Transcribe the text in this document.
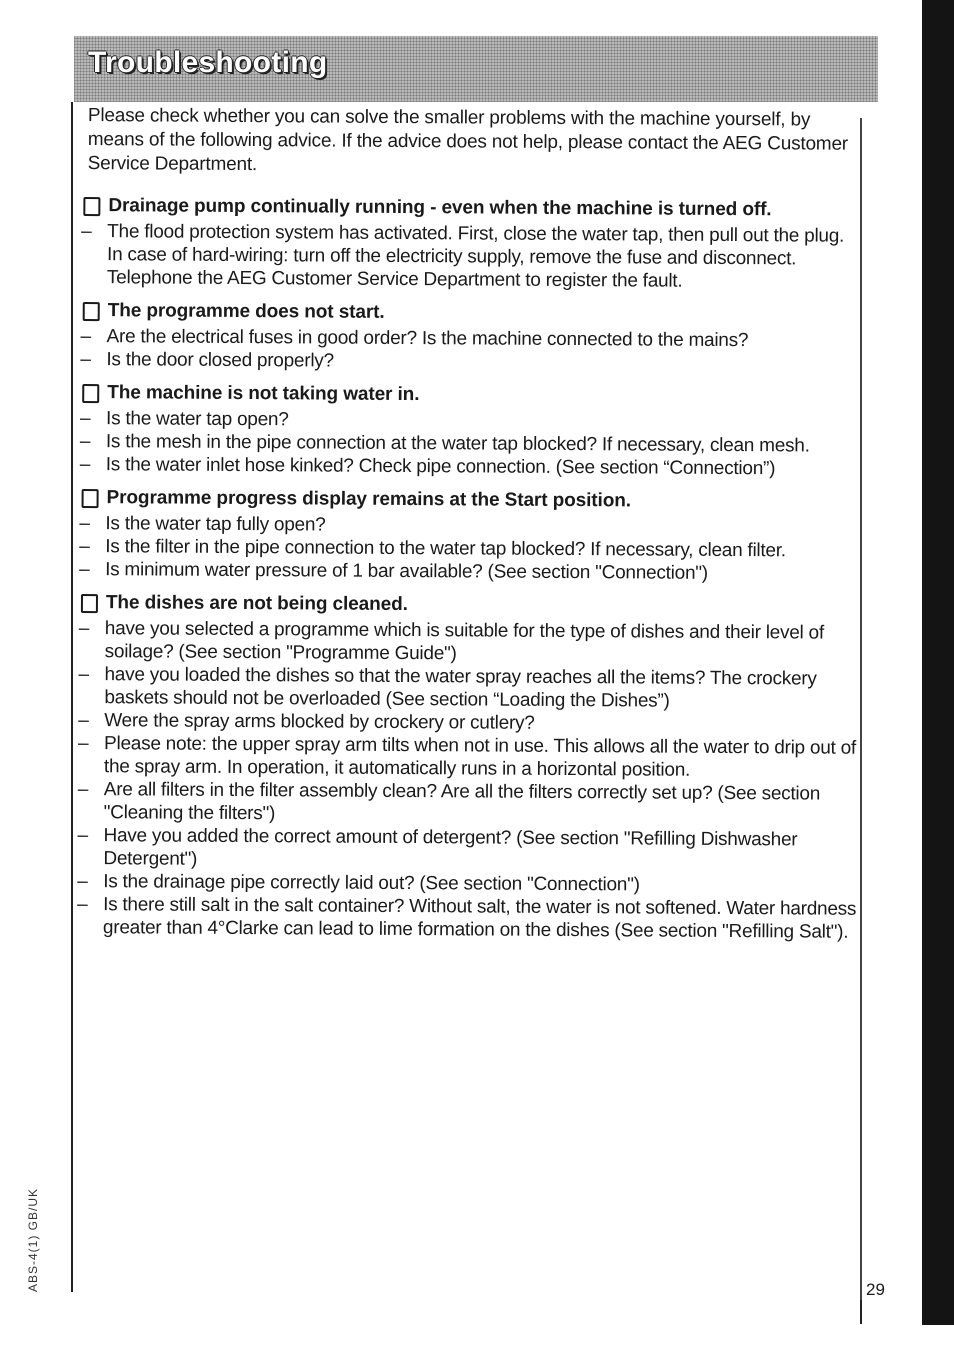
Troubleshooting

Please check whether you can solve the smaller problems with the machine yourself, by means of the following advice. If the advice does not help, please contact the AEG Customer Service Department.

Drainage pump continually running - even when the machine is turned off.
– The flood protection system has activated. First, close the water tap, then pull out the plug. In case of hard-wiring: turn off the electricity supply, remove the fuse and disconnect. Telephone the AEG Customer Service Department to register the fault.
The programme does not start.
– Are the electrical fuses in good order? Is the machine connected to the mains?
– Is the door closed properly?
The machine is not taking water in.
– Is the water tap open?
– Is the mesh in the pipe connection at the water tap blocked? If necessary, clean mesh.
– Is the water inlet hose kinked? Check pipe connection. (See section “Connection”)
Programme progress display remains at the Start position.
– Is the water tap fully open?
– Is the filter in the pipe connection to the water tap blocked? If necessary, clean filter.
– Is minimum water pressure of 1 bar available? (See section "Connection")
The dishes are not being cleaned.
– have you selected a programme which is suitable for the type of dishes and their level of soilage? (See section "Programme Guide")
– have you loaded the dishes so that the water spray reaches all the items? The crockery baskets should not be overloaded (See section “Loading the Dishes”)
– Were the spray arms blocked by crockery or cutlery?
– Please note: the upper spray arm tilts when not in use. This allows all the water to drip out of the spray arm. In operation, it automatically runs in a horizontal position.
– Are all filters in the filter assembly clean? Are all the filters correctly set up? (See section "Cleaning the filters")
– Have you added the correct amount of detergent? (See section "Refilling Dishwasher Detergent")
– Is the drainage pipe correctly laid out? (See section "Connection")
– Is there still salt in the salt container? Without salt, the water is not softened. Water hardness greater than 4°Clarke can lead to lime formation on the dishes (See section "Refilling Salt").
ABS-4(1) GB/UK	29
